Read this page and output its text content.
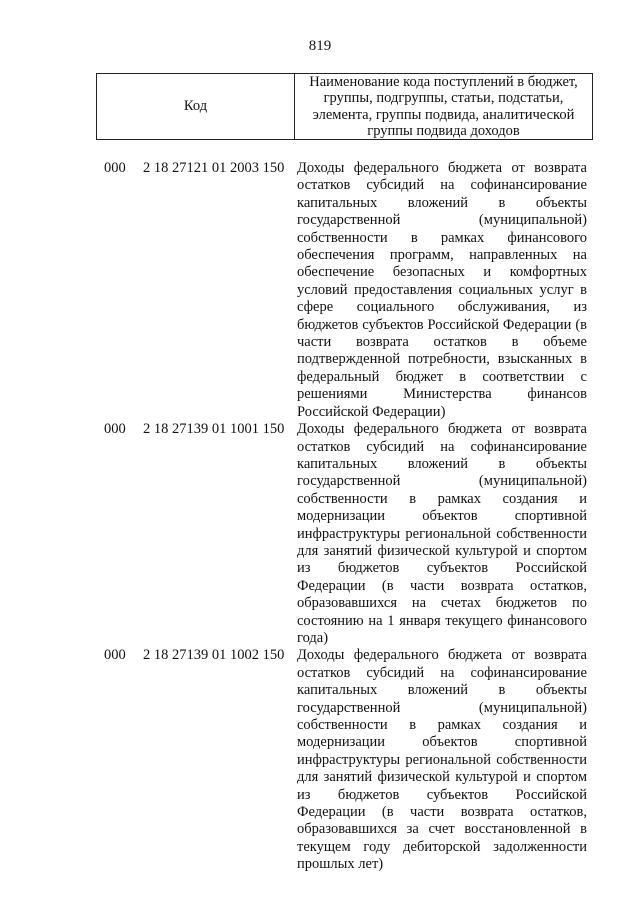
819
Код
Наименование кода поступлений в бюджет, группы, подгруппы, статьи, подстатьи, элемента, группы подвида, аналитической группы подвида доходов
000 2 18 27121 01 2003 150 Доходы федерального бюджета от возврата остатков субсидий на софинансирование капитальных вложений в объекты государственной (муниципальной) собственности в рамках финансового обеспечения программ, направленных на обеспечение безопасных и комфортных условий предоставления социальных услуг в сфере социального обслуживания, из бюджетов субъектов Российской Федерации (в части возврата остатков в объеме подтвержденной потребности, взысканных в федеральный бюджет в соответствии с решениями Министерства финансов Российской Федерации)
000 2 18 27139 01 1001 150 Доходы федерального бюджета от возврата остатков субсидий на софинансирование капитальных вложений в объекты государственной (муниципальной) собственности в рамках создания и модернизации объектов спортивной инфраструктуры региональной собственности для занятий физической культурой и спортом из бюджетов субъектов Российской Федерации (в части возврата остатков, образовавшихся на счетах бюджетов по состоянию на 1 января текущего финансового года)
000 2 18 27139 01 1002 150 Доходы федерального бюджета от возврата остатков субсидий на софинансирование капитальных вложений в объекты государственной (муниципальной) собственности в рамках создания и модернизации объектов спортивной инфраструктуры региональной собственности для занятий физической культурой и спортом из бюджетов субъектов Российской Федерации (в части возврата остатков, образовавшихся за счет восстановленной в текущем году дебиторской задолженности прошлых лет)
